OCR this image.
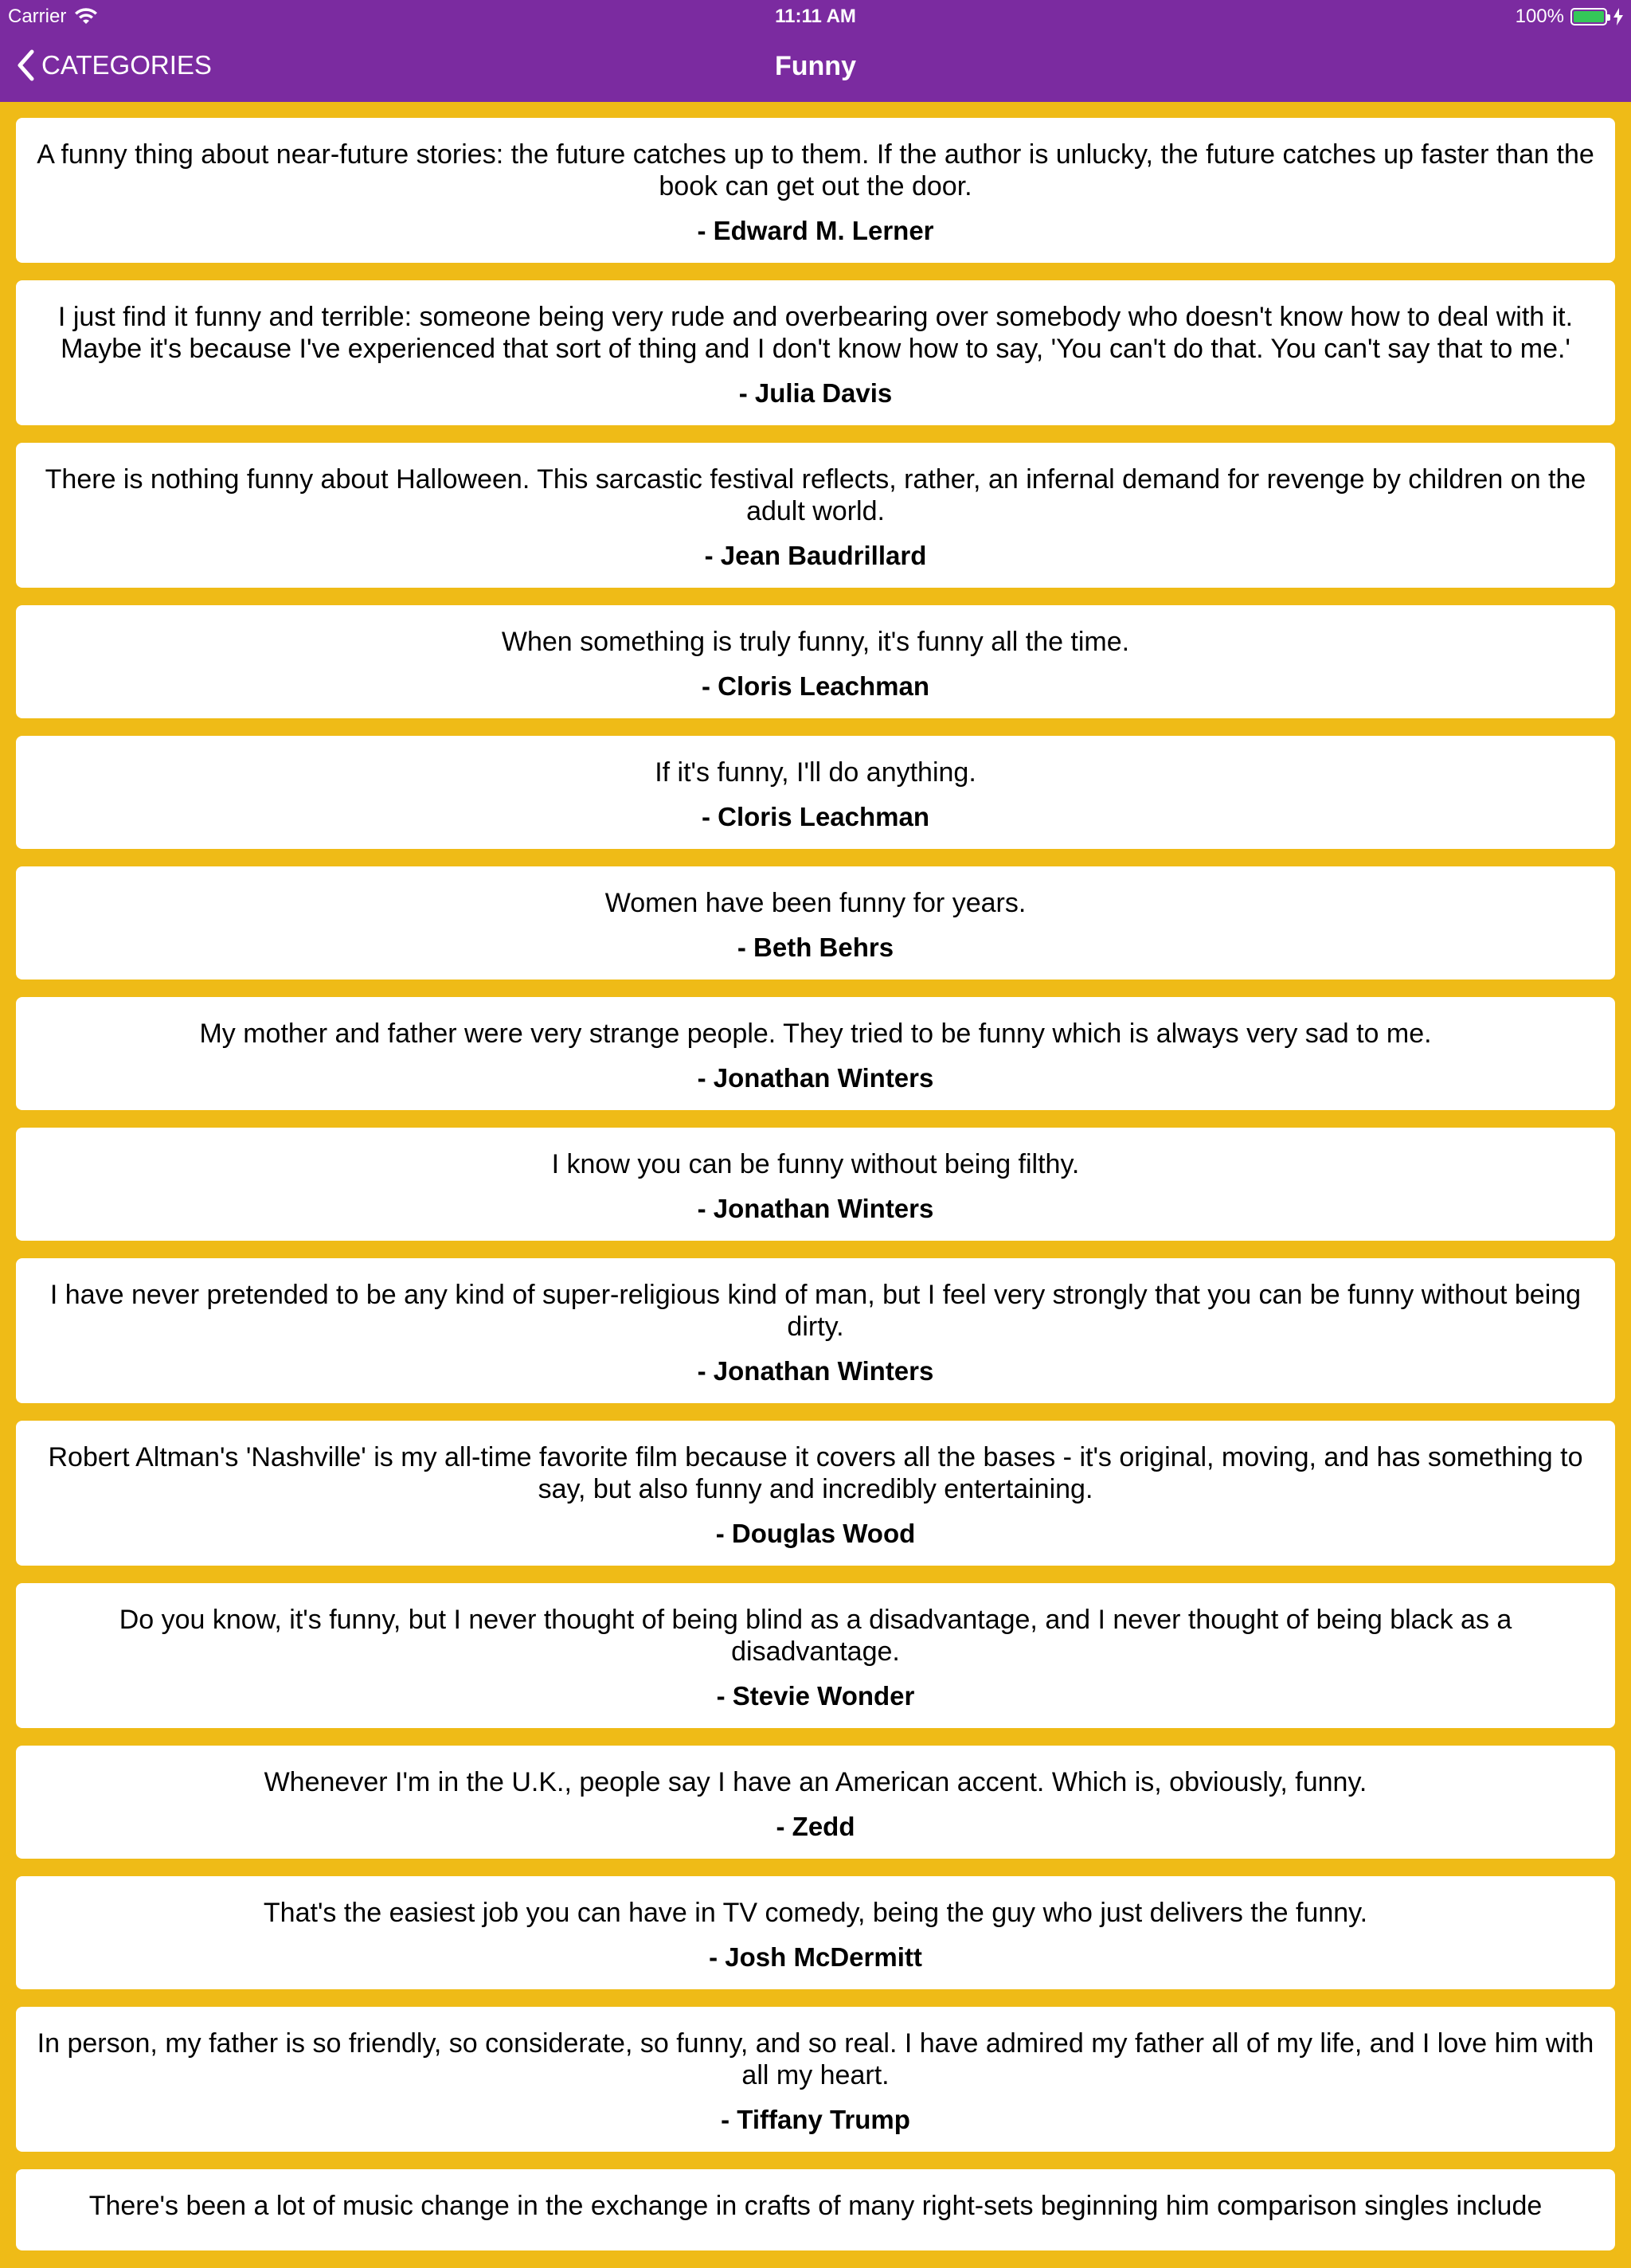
Carrier	11:11 AM	100%
CATEGORIES	Funny
A funny thing about near-future stories: the future catches up to them. If the author is unlucky, the future catches up faster than the book can get out the door.
- Edward M. Lerner
I just find it funny and terrible: someone being very rude and overbearing over somebody who doesn't know how to deal with it. Maybe it's because I've experienced that sort of thing and I don't know how to say, 'You can't do that. You can't say that to me.'
- Julia Davis
There is nothing funny about Halloween. This sarcastic festival reflects, rather, an infernal demand for revenge by children on the adult world.
- Jean Baudrillard
When something is truly funny, it's funny all the time.
- Cloris Leachman
If it's funny, I'll do anything.
- Cloris Leachman
Women have been funny for years.
- Beth Behrs
My mother and father were very strange people. They tried to be funny which is always very sad to me.
- Jonathan Winters
I know you can be funny without being filthy.
- Jonathan Winters
I have never pretended to be any kind of super-religious kind of man, but I feel very strongly that you can be funny without being dirty.
- Jonathan Winters
Robert Altman's 'Nashville' is my all-time favorite film because it covers all the bases - it's original, moving, and has something to say, but also funny and incredibly entertaining.
- Douglas Wood
Do you know, it's funny, but I never thought of being blind as a disadvantage, and I never thought of being black as a disadvantage.
- Stevie Wonder
Whenever I'm in the U.K., people say I have an American accent. Which is, obviously, funny.
- Zedd
That's the easiest job you can have in TV comedy, being the guy who just delivers the funny.
- Josh McDermitt
In person, my father is so friendly, so considerate, so funny, and so real. I have admired my father all of my life, and I love him with all my heart.
- Tiffany Trump
There's been a lot of music change in the exchange in crafts of many right-sets beginning him comparison singles include
